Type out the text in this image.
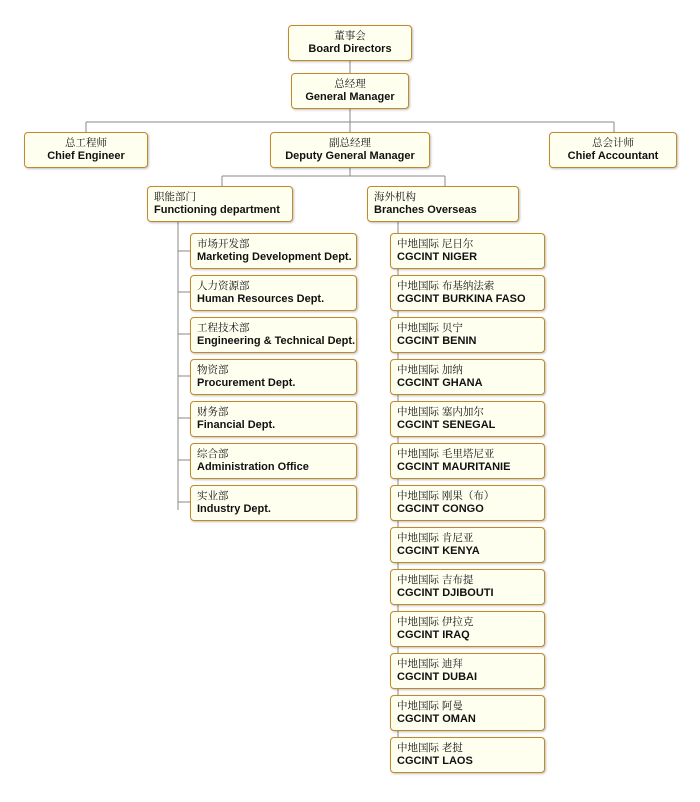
董事会
Board Directors
总经理
General Manager
总工程师
Chief Engineer
副总经理
Deputy General Manager
总会计师
Chief Accountant
职能部门
Functioning department
海外机构
Branches Overseas
市场开发部
Marketing Development Dept.
人力资源部
Human Resources Dept.
工程技术部
Engineering & Technical Dept.
物资部
Procurement Dept.
财务部
Financial Dept.
综合部
Administration Office
实业部
Industry Dept.
中地国际 尼日尔
CGCINT NIGER
中地国际 布基纳法索
CGCINT BURKINA FASO
中地国际 贝宁
CGCINT BENIN
中地国际 加纳
CGCINT GHANA
中地国际 塞内加尔
CGCINT SENEGAL
中地国际 毛里塔尼亚
CGCINT MAURITANIE
中地国际 刚果（布）
CGCINT CONGO
中地国际 肯尼亚
CGCINT KENYA
中地国际 吉布提
CGCINT DJIBOUTI
中地国际 伊拉克
CGCINT IRAQ
中地国际 迪拜
CGCINT DUBAI
中地国际 阿曼
CGCINT OMAN
中地国际 老挝
CGCINT LAOS
